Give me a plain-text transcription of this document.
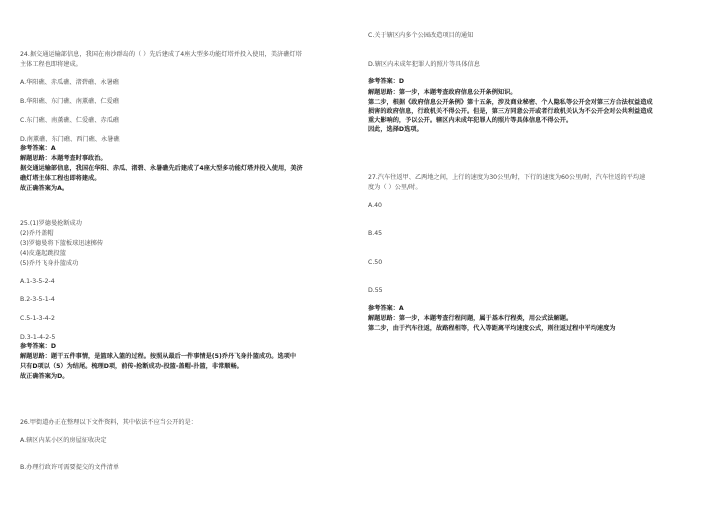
24.据交通运输部信息，我国在南沙群岛的（ ）先后建成了4座大型多功能灯塔并投入使用，美济礁灯塔
主体工程也即将建成。
A.华阳礁、赤瓜礁、渚碧礁、永暑礁
B.华阳礁、东门礁、南薰礁、仁爱礁
C.东门礁、南薰礁、仁爱礁、赤瓜礁
D.南薰礁、东门礁、西门礁、永暑礁
参考答案：A
解题思路：本题考查时事政治。
据交通运输部信息，我国在华阳、赤瓜、渚碧、永暑礁先后建成了4座大型多功能灯塔并投入使用，美济
礁灯塔主体工程也即将建成。
故正确答案为A。
25.(1)罗德曼抢断成功
(2)乔丹盖帽
(3)罗德曼将下篮板球迅速掷传
(4)皮蓬起跳投篮
(5)乔丹飞身扑篮成功
A.1-3-5-2-4
B.2-3-5-1-4
C.5-1-3-4-2
D.3-1-4-2-5
参考答案：D
解题思路：题干五件事情，是篮球入篮的过程。按照从最后一件事情是(5)乔丹飞身扑篮成功。选项中
只有D项以（5）为结尾。梳理D项，前传-抢断成功-投篮-盖帽-扑篮，非常顺畅。
故正确答案为D。
26.甲街道办正在整理以下文件资料，其中依法不应当公开的是：
A.辖区内某小区的房屋征收决定
B.办理行政许可需要提交的文件清单
C.关于辖区内多个公园改造项目的通知
D.辖区内未成年犯罪人的照片等具体信息
参考答案：D
解题思路：第一步，本题考查政府信息公开条例知识。
第二步，根据《政府信息公开条例》第十五条，涉及商业秘密、个人隐私等公开会对第三方合法权益造成
损害的政府信息，行政机关不得公开。但是，第三方同意公开或者行政机关认为不公开会对公共利益造成
重大影响的，予以公开。辖区内未成年犯罪人的照片等具体信息不得公开。
因此，选择D选项。
27.汽车往返甲、乙两地之间，上行的速度为30公里/时，下行的速度为60公里/时，汽车往返的平均速
度为（ ）公里/时。
A.40
B.45
C.50
D.55
参考答案：A
解题思路：第一步，本题考查行程问题，属于基本行程类，用公式法解题。
第二步，由于汽车往返，故路程相等，代入等距离平均速度公式，则往返过程中平均速度为
